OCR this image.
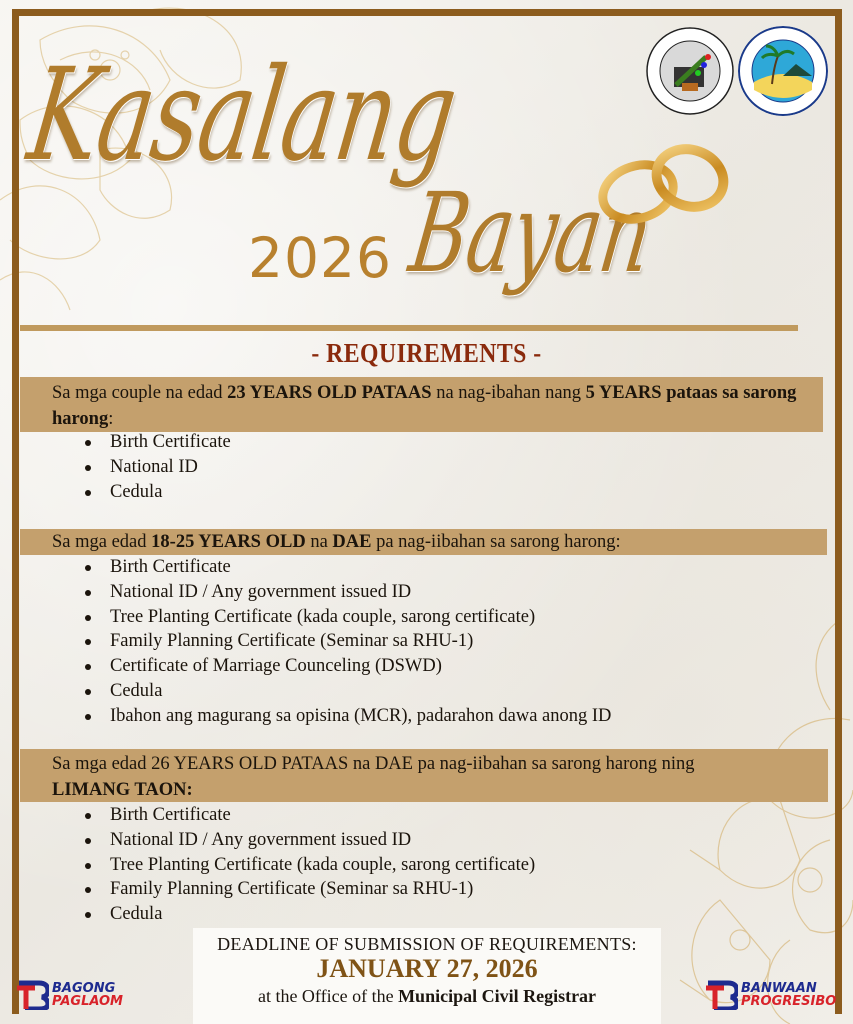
Kasalang
Bayan
2026
- REQUIREMENTS -
Sa mga couple na edad 23 YEARS OLD PATAAS na nag-ibahan nang 5 YEARS pataas sa sarong harong:
Birth Certificate
National ID
Cedula
Sa mga edad 18-25 YEARS OLD na DAE pa nag-iibahan sa sarong harong:
Birth Certificate
National ID / Any government issued ID
Tree Planting Certificate (kada couple, sarong certificate)
Family Planning Certificate (Seminar sa RHU-1)
Certificate of Marriage Counceling (DSWD)
Cedula
Ibahon ang magurang sa opisina (MCR), padarahon dawa anong ID
Sa mga edad 26 YEARS OLD PATAAS na DAE pa nag-iibahan sa sarong harong ning
LIMANG TAON:
Birth Certificate
National ID / Any government issued ID
Tree Planting Certificate (kada couple, sarong certificate)
Family Planning Certificate (Seminar sa RHU-1)
Cedula
DEADLINE OF SUBMISSION OF REQUIREMENTS:
JANUARY 27, 2026
at the Office of the Municipal Civil Registrar
BAGONG
PAGLAOM
BANWAAN
PROGRESIBO
